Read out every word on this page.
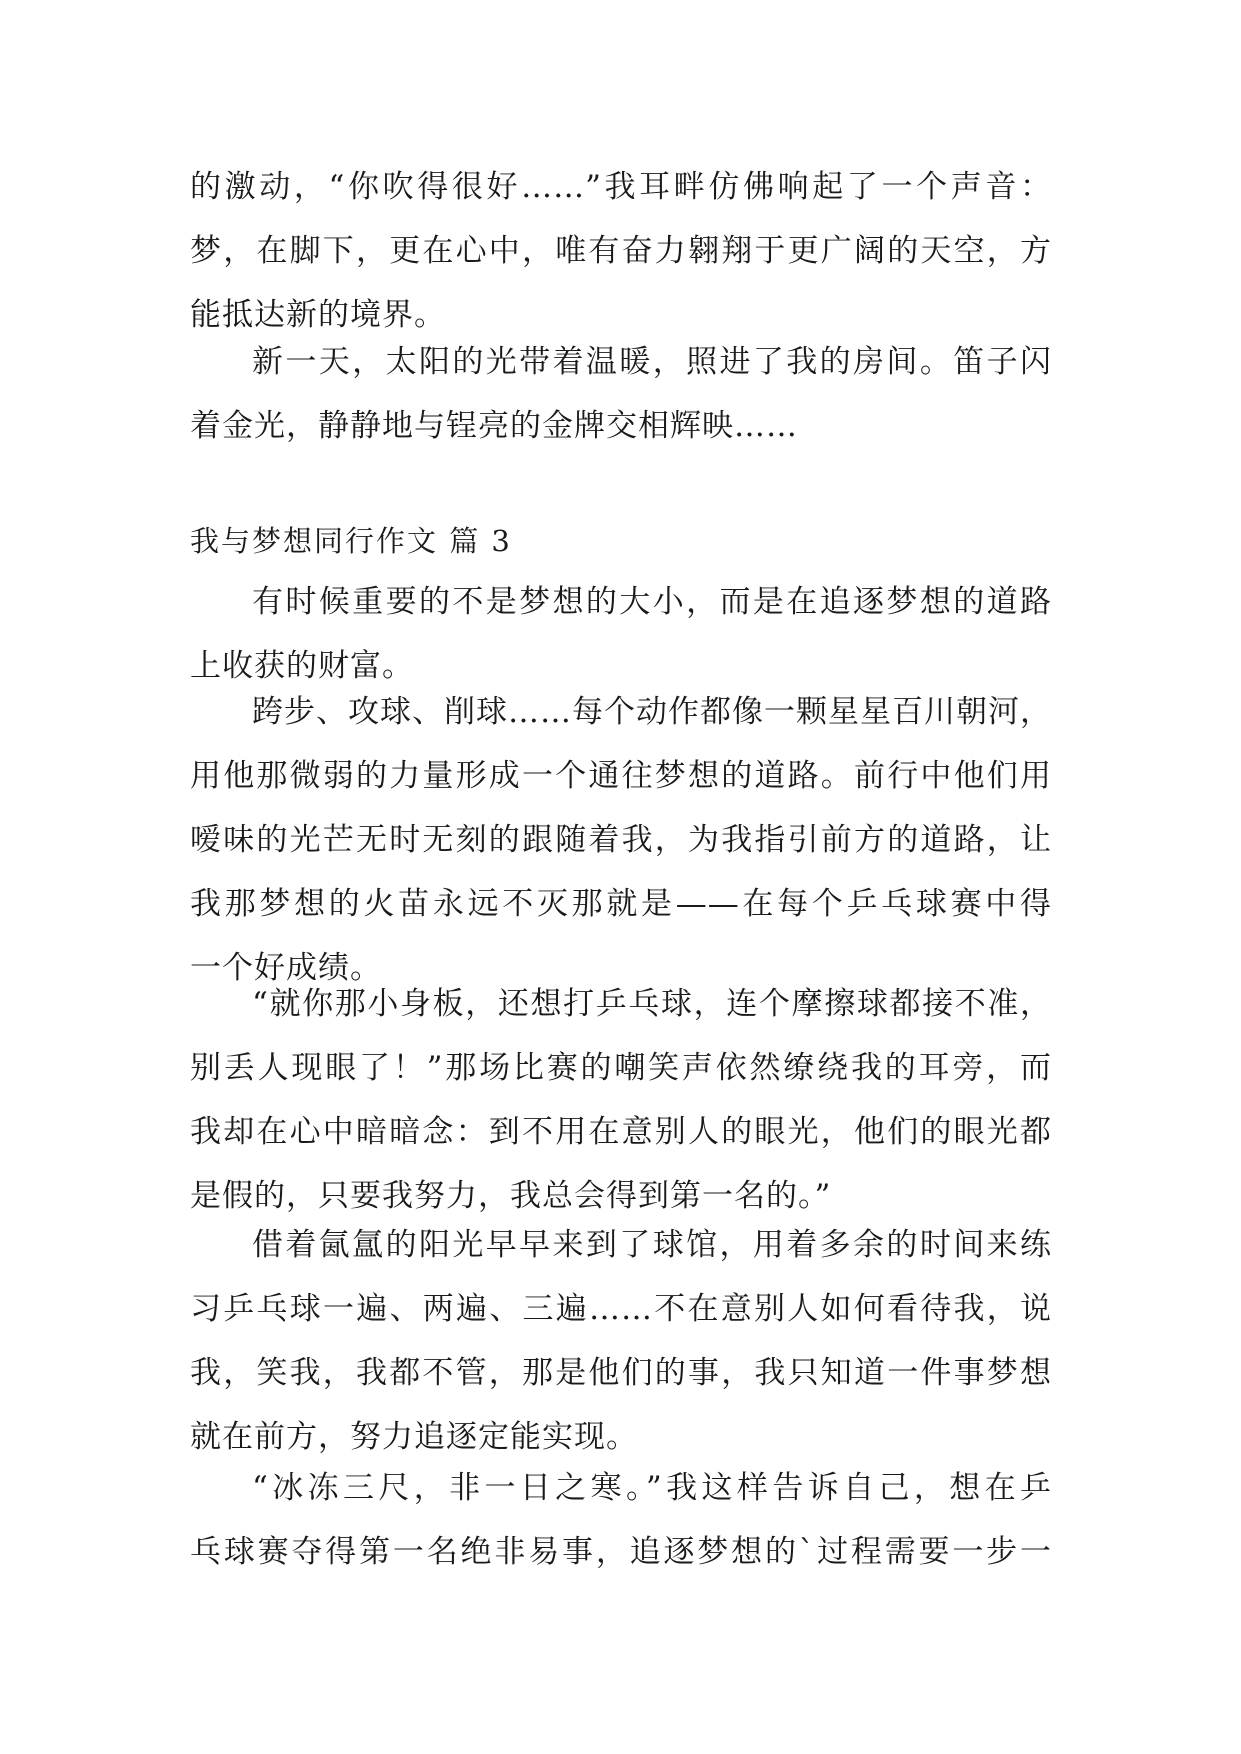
的激动，“你吹得很好……”我耳畔仿佛响起了一个声音：
梦，在脚下，更在心中，唯有奋力翱翔于更广阔的天空，方
能抵达新的境界。
新一天，太阳的光带着温暖，照进了我的房间。笛子闪
着金光，静静地与锃亮的金牌交相辉映……
我与梦想同行作文 篇 3
有时候重要的不是梦想的大小，而是在追逐梦想的道路
上收获的财富。
跨步、攻球、削球……每个动作都像一颗星星百川朝河，
用他那微弱的力量形成一个通往梦想的道路。前行中他们用
嗳味的光芒无时无刻的跟随着我，为我指引前方的道路，让
我那梦想的火苗永远不灭那就是——在每个乒乓球赛中得
一个好成绩。
“就你那小身板，还想打乒乓球，连个摩擦球都接不准，
别丢人现眼了！”那场比赛的嘲笑声依然缭绕我的耳旁，而
我却在心中暗暗念：到不用在意别人的眼光，他们的眼光都
是假的，只要我努力，我总会得到第一名的。”
借着氤氲的阳光早早来到了球馆，用着多余的时间来练
习乒乓球一遍、两遍、三遍……不在意别人如何看待我，说
我，笑我，我都不管，那是他们的事，我只知道一件事梦想
就在前方，努力追逐定能实现。
“冰冻三尺，非一日之寒。”我这样告诉自己，想在乒
乓球赛夺得第一名绝非易事，追逐梦想的`过程需要一步一
